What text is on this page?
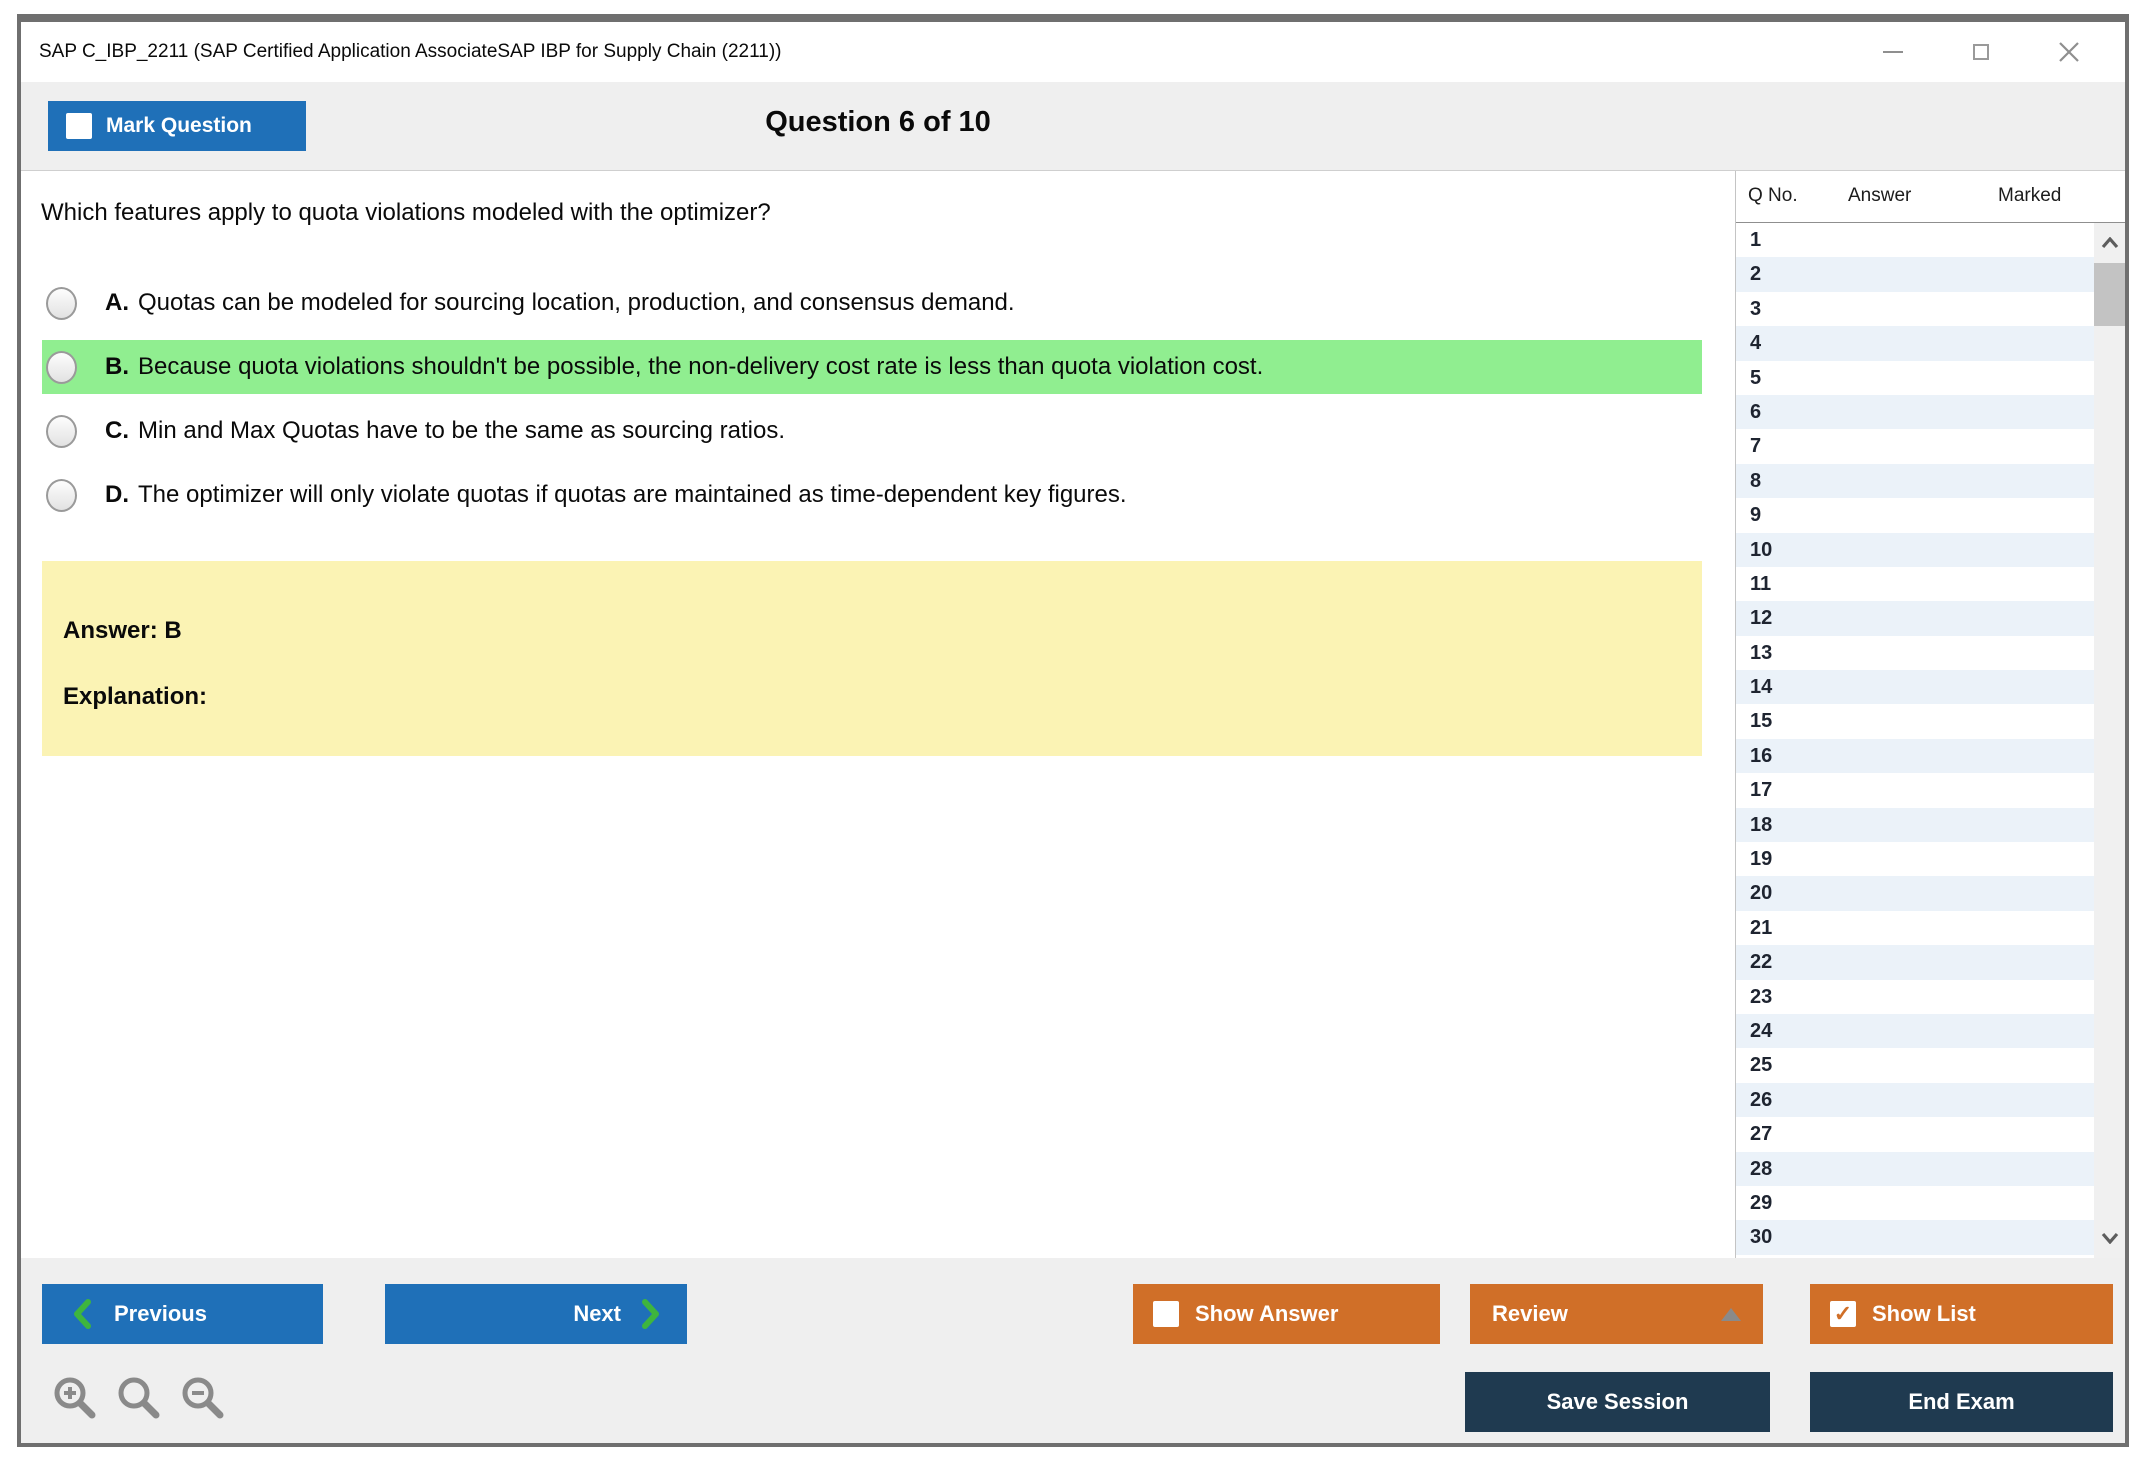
SAP C_IBP_2211 (SAP Certified Application AssociateSAP IBP for Supply Chain (2211))
Mark Question	Question 6 of 10
Which features apply to quota violations modeled with the optimizer?
A. Quotas can be modeled for sourcing location, production, and consensus demand.
B. Because quota violations shouldn't be possible, the non-delivery cost rate is less than quota violation cost.
C. Min and Max Quotas have to be the same as sourcing ratios.
D. The optimizer will only violate quotas if quotas are maintained as time-dependent key figures.
Answer: B
Explanation:
Q No.	Answer	Marked
1
2
3
4
5
6
7
8
9
10
11
12
13
14
15
16
17
18
19
20
21
22
23
24
25
26
27
28
29
30
Previous	Next	Show Answer	Review	✓ Show List
Save Session	End Exam
